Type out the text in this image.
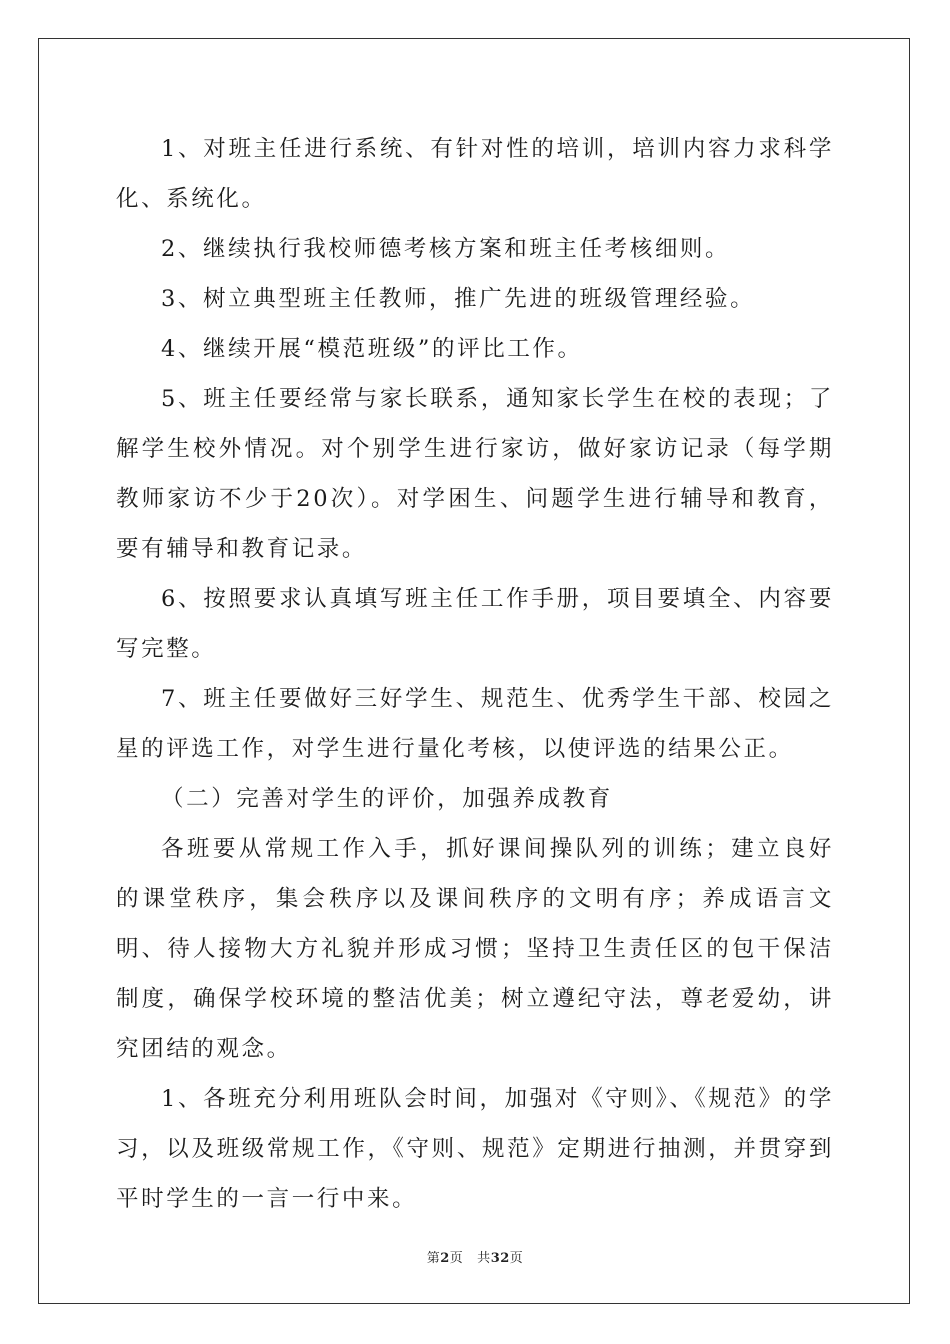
1、对班主任进行系统、有针对性的培训，培训内容力求科学化、系统化。

2、继续执行我校师德考核方案和班主任考核细则。

3、树立典型班主任教师，推广先进的班级管理经验。

4、继续开展“模范班级”的评比工作。

5、班主任要经常与家长联系，通知家长学生在校的表现；了解学生校外情况。对个别学生进行家访，做好家访记录（每学期教师家访不少于20次）。对学困生、问题学生进行辅导和教育，要有辅导和教育记录。

6、按照要求认真填写班主任工作手册，项目要填全、内容要写完整。

7、班主任要做好三好学生、规范生、优秀学生干部、校园之星的评选工作，对学生进行量化考核，以使评选的结果公正。

（二）完善对学生的评价，加强养成教育

各班要从常规工作入手，抓好课间操队列的训练；建立良好的课堂秩序，集会秩序以及课间秩序的文明有序；养成语言文明、待人接物大方礼貌并形成习惯；坚持卫生责任区的包干保洁制度，确保学校环境的整洁优美；树立遵纪守法，尊老爱幼，讲究团结的观念。

1、各班充分利用班队会时间，加强对《守则》、《规范》的学习，以及班级常规工作，《守则、规范》定期进行抽测，并贯穿到平时学生的一言一行中来。

第2页 共32页
